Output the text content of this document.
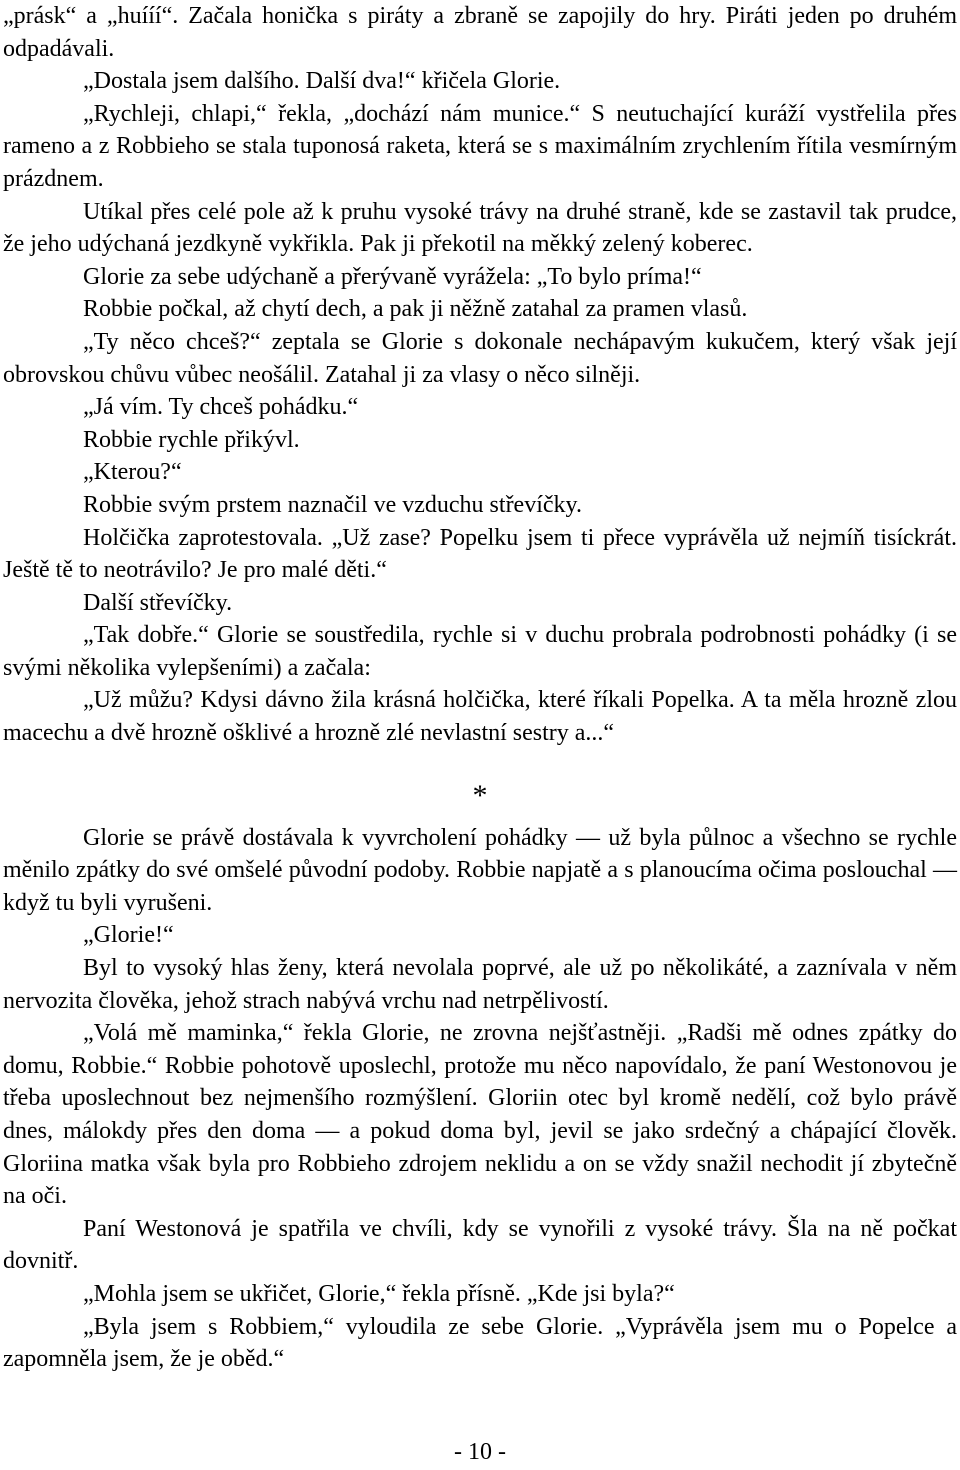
„prásk“ a „huííí“. Začala honička s piráty a zbraně se zapojily do hry. Piráti jeden po druhém odpadávali.

„Dostala jsem dalšího. Další dva!“ křičela Glorie.

„Rychleji, chlapi,“ řekla, „dochází nám munice.“ S neutuchající kuráží vystřelila přes rameno a z Robbieho se stala tuponosá raketa, která se s maximálním zrychlením řítila vesmírným prázdnem.

Utíkal přes celé pole až k pruhu vysoké trávy na druhé straně, kde se zastavil tak prudce, že jeho udýchaná jezdkyně vykřikla. Pak ji překotil na měkký zelený koberec.

Glorie za sebe udýchaně a přerývaně vyrážela: „To bylo príma!“

Robbie počkal, až chytí dech, a pak ji něžně zatahal za pramen vlasů.

„Ty něco chceš?“ zeptala se Glorie s dokonale nechápavým kukučem, který však její obrovskou chůvu vůbec neošálil. Zatahal ji za vlasy o něco silněji.

„Já vím. Ty chceš pohádku.“

Robbie rychle přikývl.

„Kterou?“

Robbie svým prstem naznačil ve vzduchu střevíčky.

Holčička zaprotestovala. „Už zase? Popelku jsem ti přece vyprávěla už nejmíň tisíckrát. Ještě tě to neotrávilo? Je pro malé děti.“

Další střevíčky.

„Tak dobře.“ Glorie se soustředila, rychle si v duchu probrala podrobnosti pohádky (i se svými několika vylepšeními) a začala:

„Už můžu? Kdysi dávno žila krásná holčička, které říkali Popelka. A ta měla hrozně zlou macechu a dvě hrozně ošklivé a hrozně zlé nevlastní sestry a...“

*

Glorie se právě dostávala k vyvrcholení pohádky — už byla půlnoc a všechno se rychle měnilo zpátky do své omšelé původní podoby. Robbie napjatě a s planoucíma očima poslouchal — když tu byli vyrušeni.

„Glorie!“

Byl to vysoký hlas ženy, která nevolala poprvé, ale už po několikáté, a zaznívala v něm nervozita člověka, jehož strach nabývá vrchu nad netrpělivostí.

„Volá mě maminka,“ řekla Glorie, ne zrovna nejšťastněji. „Radši mě odnes zpátky do domu, Robbie.“ Robbie pohotově uposlechl, protože mu něco napovídalo, že paní Westonovou je třeba uposlechnout bez nejmenšího rozmýšlení. Gloriin otec byl kromě nedělí, což bylo právě dnes, málokdy přes den doma — a pokud doma byl, jevil se jako srdečný a chápající člověk. Gloriina matka však byla pro Robbieho zdrojem neklidu a on se vždy snažil nechodit jí zbytečně na oči.

Paní Westonová je spatřila ve chvíli, kdy se vynořili z vysoké trávy. Šla na ně počkat dovnitř.

„Mohla jsem se ukřičet, Glorie,“ řekla přísně. „Kde jsi byla?“

„Byla jsem s Robbiem,“ vyloudila ze sebe Glorie. „Vyprávěla jsem mu o Popelce a zapomněla jsem, že je oběd.“

- 10 -
